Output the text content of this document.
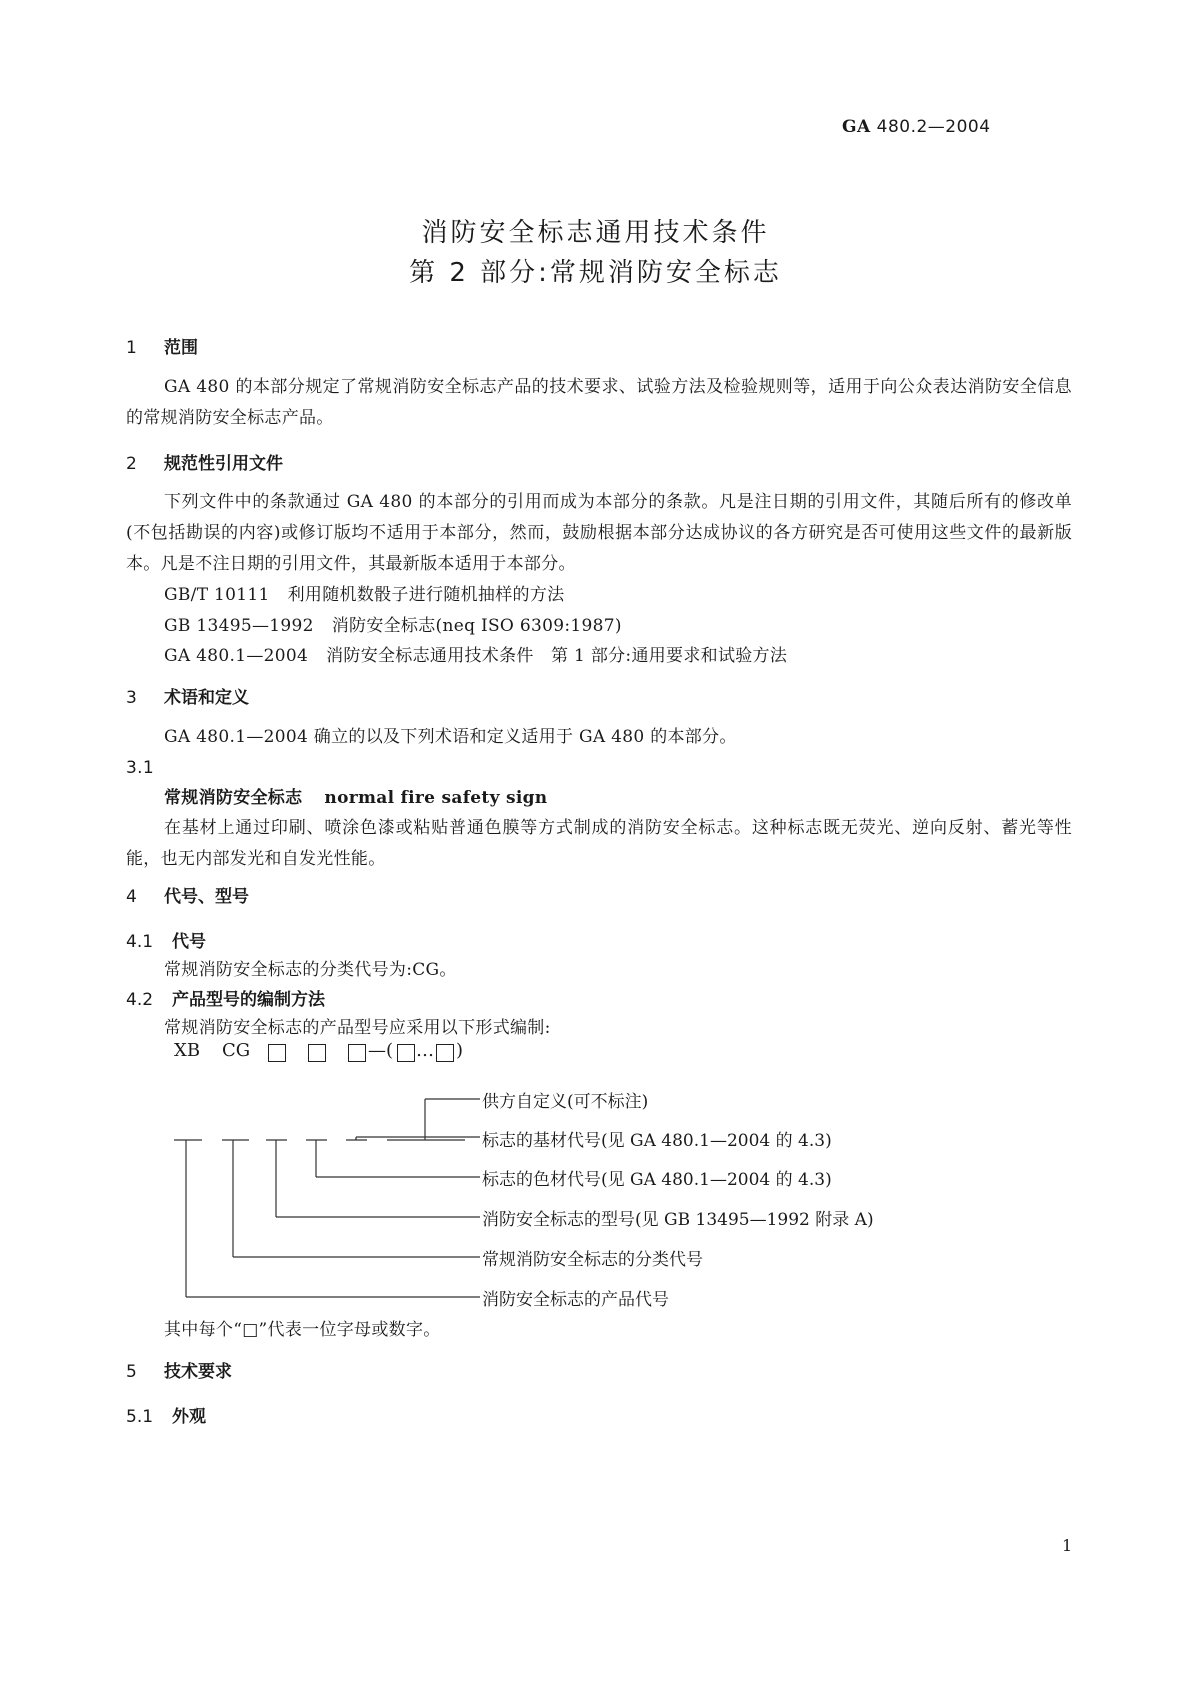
GA 480.2—2004
消防安全标志通用技术条件
第 2 部分:常规消防安全标志
1 范围
GA 480 的本部分规定了常规消防安全标志产品的技术要求、试验方法及检验规则等，适用于向公众表达消防安全信息的常规消防安全标志产品。
2 规范性引用文件
下列文件中的条款通过 GA 480 的本部分的引用而成为本部分的条款。凡是注日期的引用文件，其随后所有的修改单(不包括勘误的内容)或修订版均不适用于本部分，然而，鼓励根据本部分达成协议的各方研究是否可使用这些文件的最新版本。凡是不注日期的引用文件，其最新版本适用于本部分。
GB/T 10111 利用随机数骰子进行随机抽样的方法
GB 13495—1992 消防安全标志(neq ISO 6309:1987)
GA 480.1—2004 消防安全标志通用技术条件　第 1 部分:通用要求和试验方法
3 术语和定义
GA 480.1—2004 确立的以及下列术语和定义适用于 GA 480 的本部分。
3.1
常规消防安全标志 normal fire safety sign
在基材上通过印刷、喷涂色漆或粘贴普通色膜等方式制成的消防安全标志。这种标志既无荧光、逆向反射、蓄光等性能，也无内部发光和自发光性能。
4 代号、型号
4.1 代号
常规消防安全标志的分类代号为:CG。
4.2 产品型号的编制方法
常规消防安全标志的产品型号应采用以下形式编制:
XB CG	—( … )
供方自定义(可不标注)
标志的基材代号(见 GA 480.1—2004 的 4.3)
标志的色材代号(见 GA 480.1—2004 的 4.3)
消防安全标志的型号(见 GB 13495—1992 附录 A)
常规消防安全标志的分类代号
消防安全标志的产品代号
其中每个“□”代表一位字母或数字。
5 技术要求
5.1 外观
1
